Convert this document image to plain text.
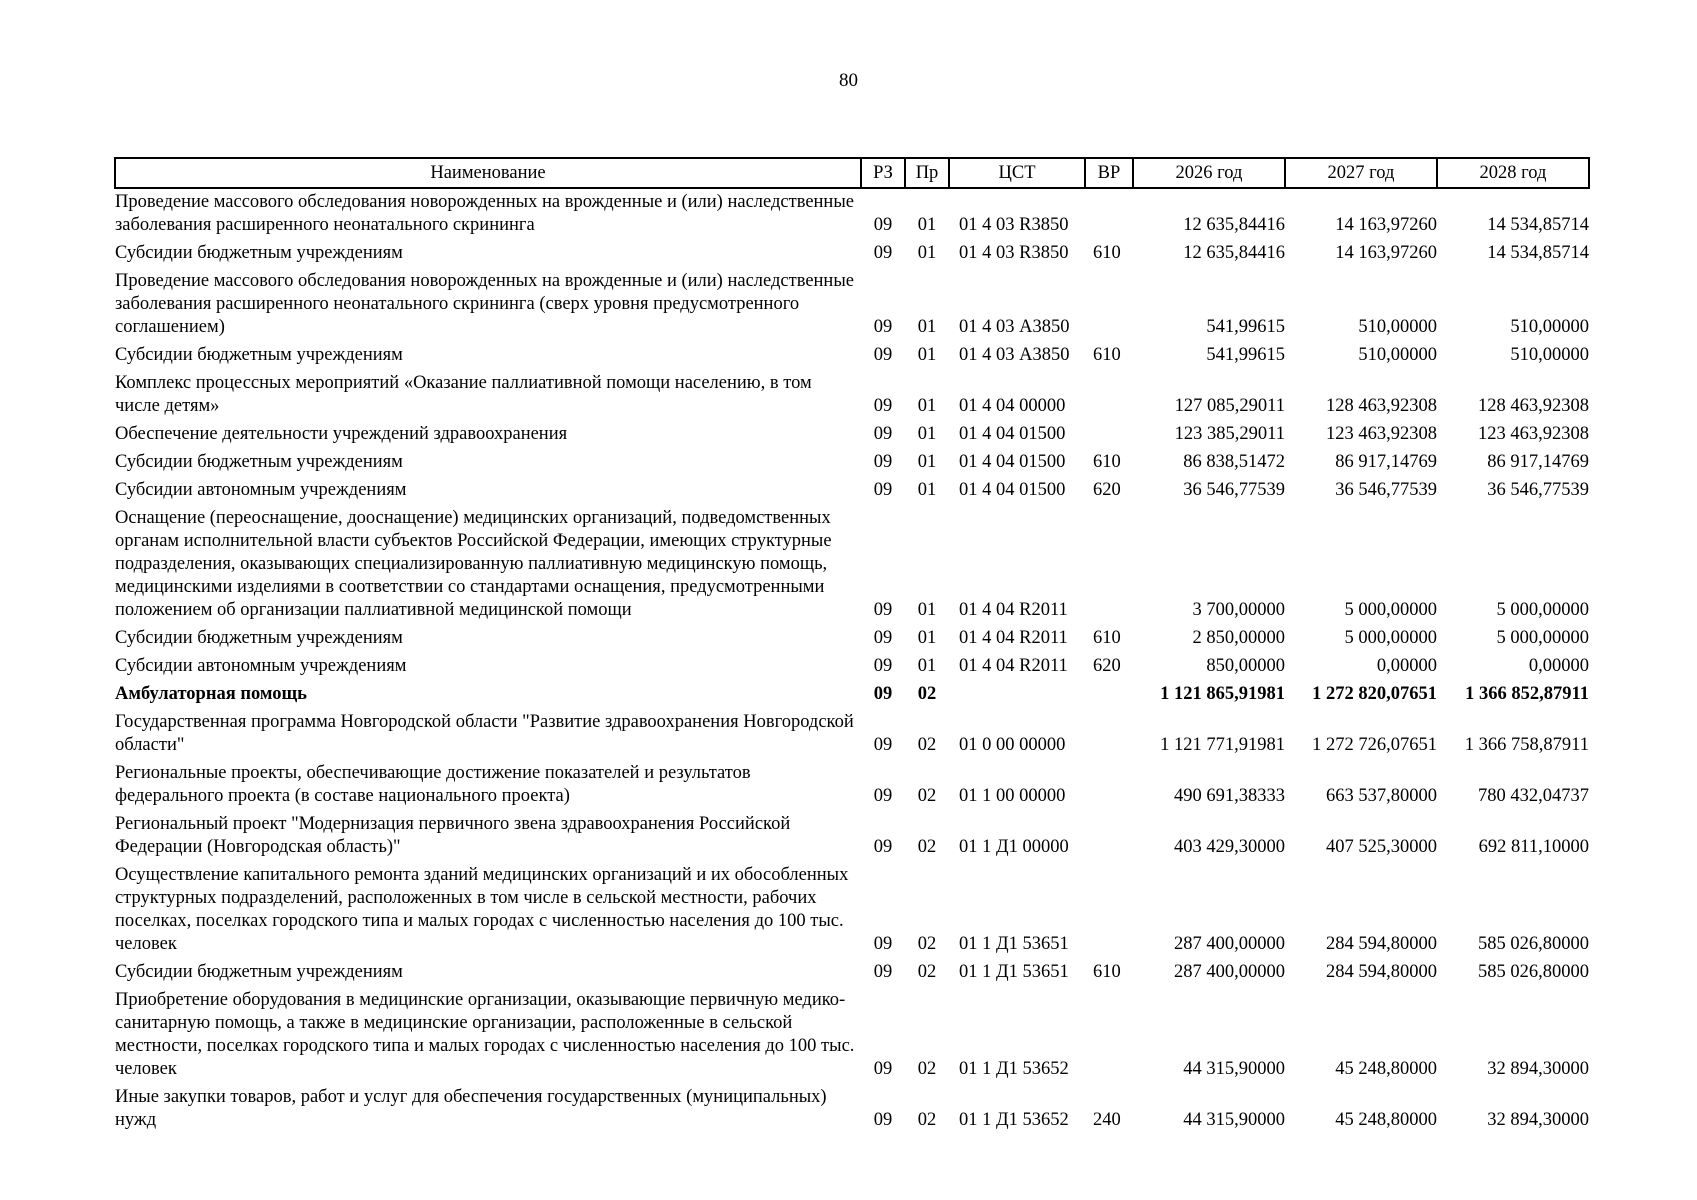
80
Наименование	РЗ	Пр	ЦСТ	ВР	2026 год	2027 год	2028 год
Проведение массового обследования новорожденных на врожденные и (или) наследственные заболевания расширенного неонатального скрининга	09	01	01 4 03 R3850		12 635,84416	14 163,97260	14 534,85714
Субсидии бюджетным учреждениям	09	01	01 4 03 R3850	610	12 635,84416	14 163,97260	14 534,85714
Проведение массового обследования новорожденных на врожденные и (или) наследственные заболевания расширенного неонатального скрининга (сверх уровня предусмотренного соглашением)	09	01	01 4 03 А3850		541,99615	510,00000	510,00000
Субсидии бюджетным учреждениям	09	01	01 4 03 А3850	610	541,99615	510,00000	510,00000
Комплекс процессных мероприятий «Оказание паллиативной помощи населению, в том числе детям»	09	01	01 4 04 00000		127 085,29011	128 463,92308	128 463,92308
Обеспечение деятельности учреждений здравоохранения	09	01	01 4 04 01500		123 385,29011	123 463,92308	123 463,92308
Субсидии бюджетным учреждениям	09	01	01 4 04 01500	610	86 838,51472	86 917,14769	86 917,14769
Субсидии автономным учреждениям	09	01	01 4 04 01500	620	36 546,77539	36 546,77539	36 546,77539
Оснащение (переоснащение, дооснащение) медицинских организаций, подведомственных органам исполнительной власти субъектов Российской Федерации, имеющих структурные подразделения, оказывающих специализированную паллиативную медицинскую помощь, медицинскими изделиями в соответствии со стандартами оснащения, предусмотренными положением об организации паллиативной медицинской помощи	09	01	01 4 04 R2011		3 700,00000	5 000,00000	5 000,00000
Субсидии бюджетным учреждениям	09	01	01 4 04 R2011	610	2 850,00000	5 000,00000	5 000,00000
Субсидии автономным учреждениям	09	01	01 4 04 R2011	620	850,00000	0,00000	0,00000
Амбулаторная помощь	09	02			1 121 865,91981	1 272 820,07651	1 366 852,87911
Государственная программа Новгородской области "Развитие здравоохранения Новгородской области"	09	02	01 0 00 00000		1 121 771,91981	1 272 726,07651	1 366 758,87911
Региональные проекты, обеспечивающие достижение показателей и результатов федерального проекта (в составе национального проекта)	09	02	01 1 00 00000		490 691,38333	663 537,80000	780 432,04737
Региональный проект "Модернизация первичного звена здравоохранения Российской Федерации (Новгородская область)"	09	02	01 1 Д1 00000		403 429,30000	407 525,30000	692 811,10000
Осуществление капитального ремонта зданий медицинских организаций и их обособленных структурных подразделений, расположенных в том числе в сельской местности, рабочих поселках, поселках городского типа и малых городах с численностью населения до 100 тыс. человек	09	02	01 1 Д1 53651		287 400,00000	284 594,80000	585 026,80000
Субсидии бюджетным учреждениям	09	02	01 1 Д1 53651	610	287 400,00000	284 594,80000	585 026,80000
Приобретение оборудования в медицинские организации, оказывающие первичную медико-санитарную помощь, а также в медицинские организации, расположенные в сельской местности, поселках городского типа и малых городах с численностью населения до 100 тыс. человек	09	02	01 1 Д1 53652		44 315,90000	45 248,80000	32 894,30000
Иные закупки товаров, работ и услуг для обеспечения государственных (муниципальных) нужд	09	02	01 1 Д1 53652	240	44 315,90000	45 248,80000	32 894,30000
